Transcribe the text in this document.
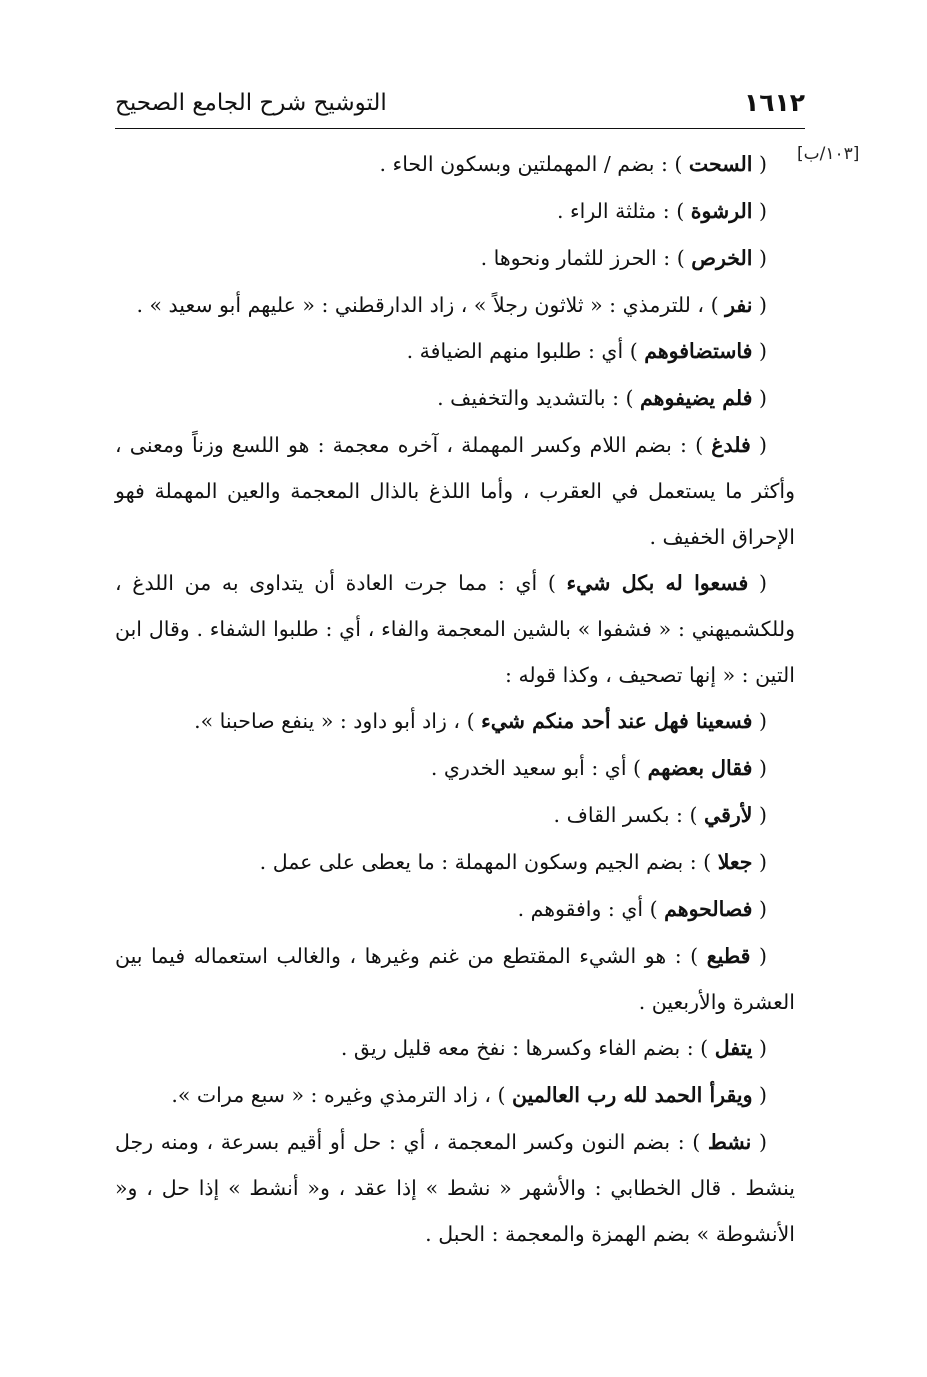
١٦١٢
التوشيح شرح الجامع الصحيح
[١٠٣/ب]

( السحت ) : بضم / المهملتين وبسكون الحاء .

( الرشوة ) : مثلثة الراء .

( الخرص ) : الحرز للثمار ونحوها .

( نفر ) ، للترمذي : « ثلاثون رجلاً » ، زاد الدارقطني : « عليهم أبو سعيد » .

( فاستضافوهم ) أي : طلبوا منهم الضيافة .

( فلم يضيفوهم ) : بالتشديد والتخفيف .

( فلدغ ) : بضم اللام وكسر المهملة ، آخره معجمة : هو اللسع وزناً ومعنى ، وأكثر ما يستعمل في العقرب ، وأما اللذغ بالذال المعجمة والعين المهملة فهو الإحراق الخفيف .

( فسعوا له بكل شيء ) أي : مما جرت العادة أن يتداوى به من اللدغ ، وللكشميهني : « فشفوا » بالشين المعجمة والفاء ، أي : طلبوا الشفاء . وقال ابن التين : « إنها تصحيف ، وكذا قوله :

( فسعينا فهل عند أحد منكم شيء ) ، زاد أبو داود : « ينفع صاحبنا ».

( فقال بعضهم ) أي : أبو سعيد الخدري .

( لأرقي ) : بكسر القاف .

( جعلا ) : بضم الجيم وسكون المهملة : ما يعطى على عمل .

( فصالحوهم ) أي : وافقوهم .

( قطيع ) : هو الشيء المقتطع من غنم وغيرها ، والغالب استعماله فيما بين العشرة والأربعين .

( يتفل ) : بضم الفاء وكسرها : نفخ معه قليل ريق .

( ويقرأ الحمد لله رب العالمين ) ، زاد الترمذي وغيره : « سبع مرات ».

( نشط ) : بضم النون وكسر المعجمة ، أي : حل أو أقيم بسرعة ، ومنه رجل ينشط . قال الخطابي : والأشهر « نشط » إذا عقد ، و« أنشط » إذا حل ، و« الأنشوطة » بضم الهمزة والمعجمة : الحبل .
